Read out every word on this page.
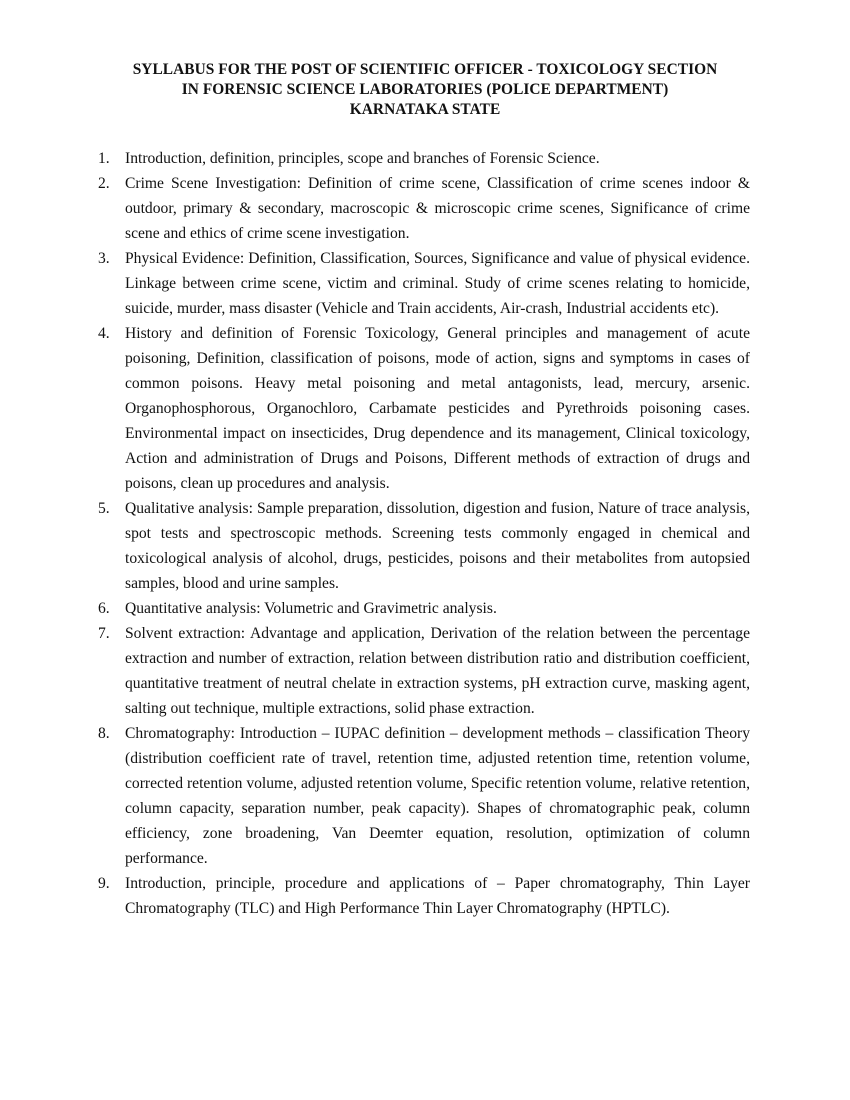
SYLLABUS FOR THE POST OF SCIENTIFIC OFFICER - TOXICOLOGY SECTION
IN FORENSIC SCIENCE LABORATORIES (POLICE DEPARTMENT)
KARNATAKA STATE
1. Introduction, definition, principles, scope and branches of Forensic Science.
2. Crime Scene Investigation: Definition of crime scene, Classification of crime scenes indoor & outdoor, primary & secondary, macroscopic & microscopic crime scenes, Significance of crime scene and ethics of crime scene investigation.
3. Physical Evidence: Definition, Classification, Sources, Significance and value of physical evidence. Linkage between crime scene, victim and criminal. Study of crime scenes relating to homicide, suicide, murder, mass disaster (Vehicle and Train accidents, Air-crash, Industrial accidents etc).
4. History and definition of Forensic Toxicology, General principles and management of acute poisoning, Definition, classification of poisons, mode of action, signs and symptoms in cases of common poisons. Heavy metal poisoning and metal antagonists, lead, mercury, arsenic. Organophosphorous, Organochloro, Carbamate pesticides and Pyrethroids poisoning cases. Environmental impact on insecticides, Drug dependence and its management, Clinical toxicology, Action and administration of Drugs and Poisons, Different methods of extraction of drugs and poisons, clean up procedures and analysis.
5. Qualitative analysis: Sample preparation, dissolution, digestion and fusion, Nature of trace analysis, spot tests and spectroscopic methods. Screening tests commonly engaged in chemical and toxicological analysis of alcohol, drugs, pesticides, poisons and their metabolites from autopsied samples, blood and urine samples.
6. Quantitative analysis: Volumetric and Gravimetric analysis.
7. Solvent extraction: Advantage and application, Derivation of the relation between the percentage extraction and number of extraction, relation between distribution ratio and distribution coefficient, quantitative treatment of neutral chelate in extraction systems, pH extraction curve, masking agent, salting out technique, multiple extractions, solid phase extraction.
8. Chromatography: Introduction – IUPAC definition – development methods – classification Theory (distribution coefficient rate of travel, retention time, adjusted retention time, retention volume, corrected retention volume, adjusted retention volume, Specific retention volume, relative retention, column capacity, separation number, peak capacity). Shapes of chromatographic peak, column efficiency, zone broadening, Van Deemter equation, resolution, optimization of column performance.
9. Introduction, principle, procedure and applications of – Paper chromatography, Thin Layer Chromatography (TLC) and High Performance Thin Layer Chromatography (HPTLC).
